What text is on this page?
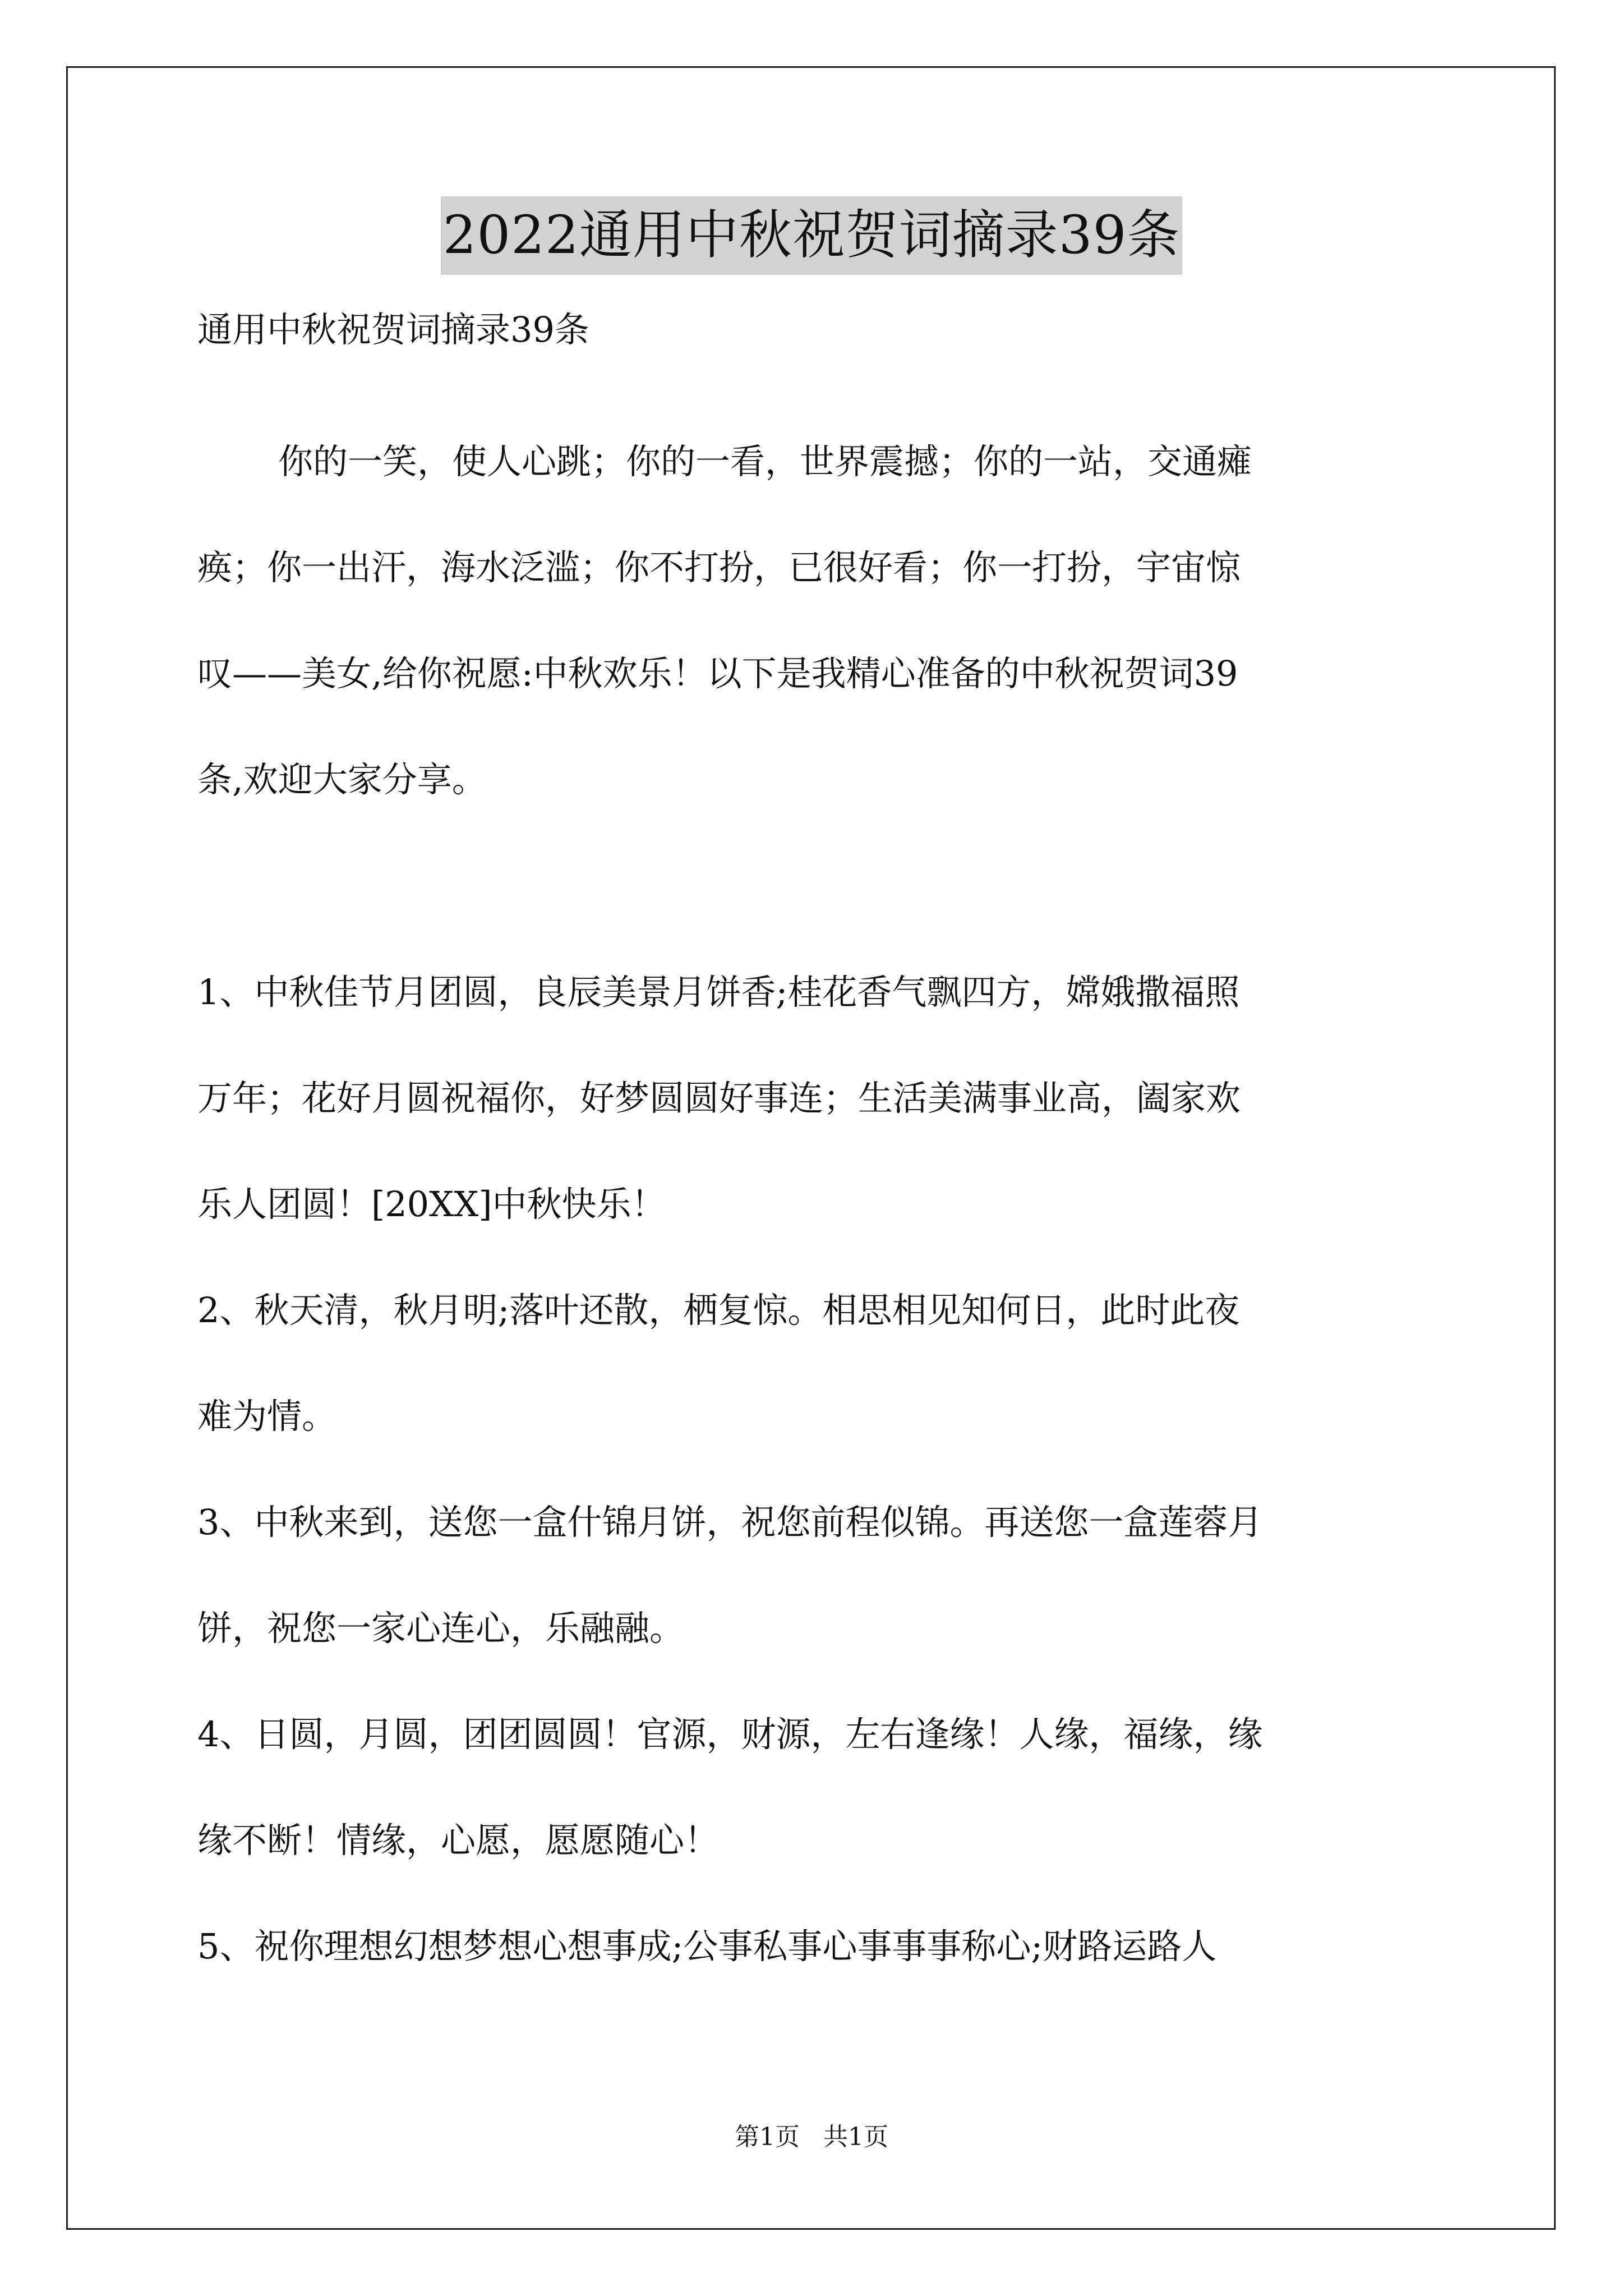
2022通用中秋祝贺词摘录39条
通用中秋祝贺词摘录39条
你的一笑，使人心跳；你的一看，世界震撼；你的一站，交通瘫
痪；你一出汗，海水泛滥；你不打扮，已很好看；你一打扮，宇宙惊
叹——美女,给你祝愿:中秋欢乐！以下是我精心准备的中秋祝贺词39
条,欢迎大家分享。
1、中秋佳节月团圆，良辰美景月饼香;桂花香气飘四方，嫦娥撒福照
万年；花好月圆祝福你，好梦圆圆好事连；生活美满事业高，阖家欢
乐人团圆！[20XX]中秋快乐！
2、秋天清，秋月明;落叶还散，栖复惊。相思相见知何日，此时此夜
难为情。
3、中秋来到，送您一盒什锦月饼，祝您前程似锦。再送您一盒莲蓉月
饼，祝您一家心连心，乐融融。
4、日圆，月圆，团团圆圆！官源，财源，左右逢缘！人缘，福缘，缘
缘不断！情缘，心愿，愿愿随心！
5、祝你理想幻想梦想心想事成;公事私事心事事事称心;财路运路人
第1页   共1页
